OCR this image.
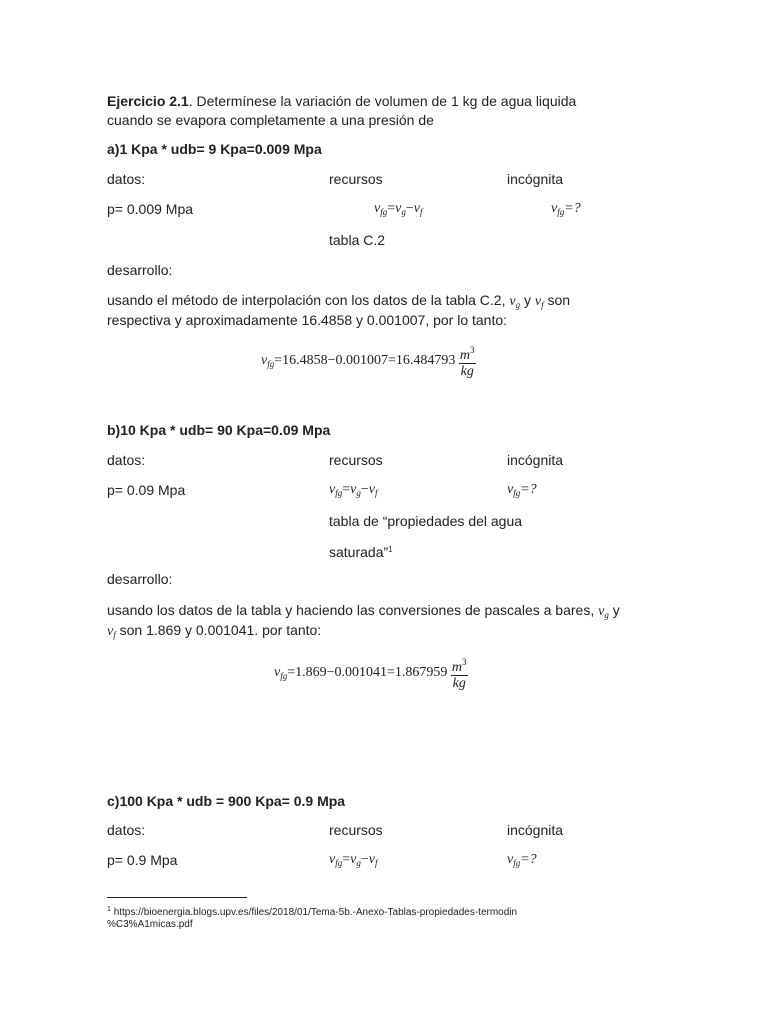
Ejercicio 2.1. Determínese la variación de volumen de 1 kg de agua liquida
cuando se evapora completamente a una presión de
a)1 Kpa * udb= 9 Kpa=0.009 Mpa
datos:	recursos	incógnita
p= 0.009 Mpa	$v_{fg}=v_g-v_f$	$v_{fg}=$?
tabla C.2
desarrollo:
usando el método de interpolación con los datos de la tabla C.2, $v_g$ y $v_f$ son
respectiva y aproximadamente 16.4858 y 0.001007, por lo tanto:
$v_{fg}=16.4858-0.001007=16.484793 \frac{m^3}{kg}$
b)10 Kpa * udb= 90 Kpa=0.09 Mpa
datos:	recursos	incógnita
p= 0.09 Mpa	$v_{fg}=v_g-v_f$	$v_{fg}=$?
tabla de “propiedades del agua
saturada”$^1$
desarrollo:
usando los datos de la tabla y haciendo las conversiones de pascales a bares, $v_g$ y
$v_f$ son 1.869 y 0.001041. por tanto:
$v_{fg}=1.869-0.001041=1.867959 \frac{m^3}{kg}$
c)100 Kpa * udb = 900 Kpa= 0.9 Mpa
datos:	recursos	incógnita
p= 0.9 Mpa	$v_{fg}=v_g-v_f$	$v_{fg}=$?
$^1$ https://bioenergia.blogs.upv.es/files/2018/01/Tema-5b.-Anexo-Tablas-propiedades-termodin
%C3%A1micas.pdf
